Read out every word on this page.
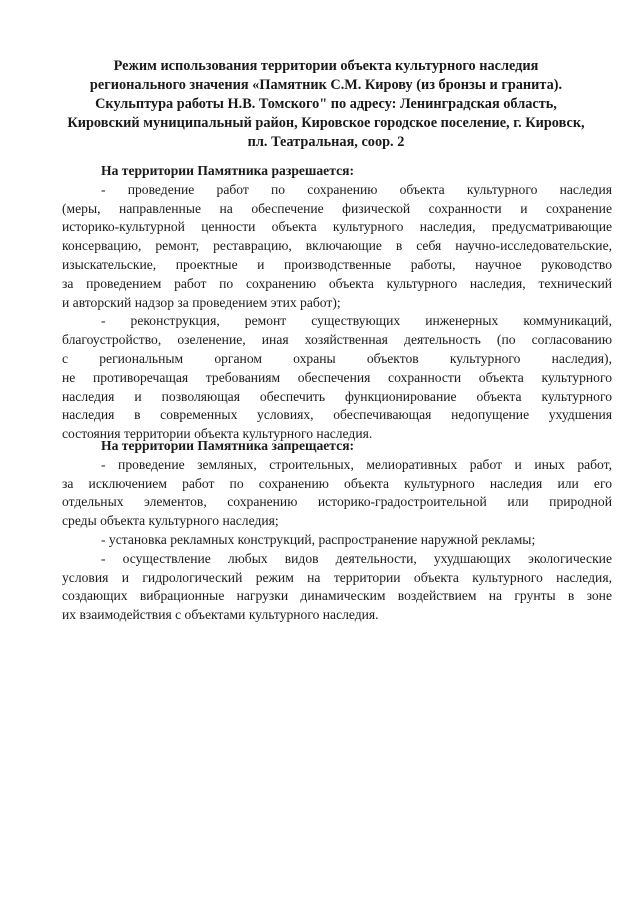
Режим использования территории объекта культурного наследия
регионального значения «Памятник С.М. Кирову (из бронзы и гранита).
Скульптура работы Н.В. Томского" по адресу: Ленинградская область,
Кировский муниципальный район, Кировское городское поселение, г. Кировск,
пл. Театральная, соор. 2
На территории Памятника разрешается:

- проведение работ по сохранению объекта культурного наследия
(меры, направленные на обеспечение физической сохранности и сохранение
историко-культурной ценности объекта культурного наследия, предусматривающие
консервацию, ремонт, реставрацию, включающие в себя научно-исследовательские,
изыскательские, проектные и производственные работы, научное руководство
за проведением работ по сохранению объекта культурного наследия, технический
и авторский надзор за проведением этих работ);

- реконструкция, ремонт существующих инженерных коммуникаций,
благоустройство, озеленение, иная хозяйственная деятельность (по согласованию
с региональным органом охраны объектов культурного наследия),
не противоречащая требованиям обеспечения сохранности объекта культурного
наследия и позволяющая обеспечить функционирование объекта культурного
наследия в современных условиях, обеспечивающая недопущение ухудшения
состояния территории объекта культурного наследия.

На территории Памятника запрещается:

- проведение земляных, строительных, мелиоративных работ и иных работ,
за исключением работ по сохранению объекта культурного наследия или его
отдельных элементов, сохранению историко-градостроительной или природной
среды объекта культурного наследия;

- установка рекламных конструкций, распространение наружной рекламы;

- осуществление любых видов деятельности, ухудшающих экологические
условия и гидрологический режим на территории объекта культурного наследия,
создающих вибрационные нагрузки динамическим воздействием на грунты в зоне
их взаимодействия с объектами культурного наследия.
